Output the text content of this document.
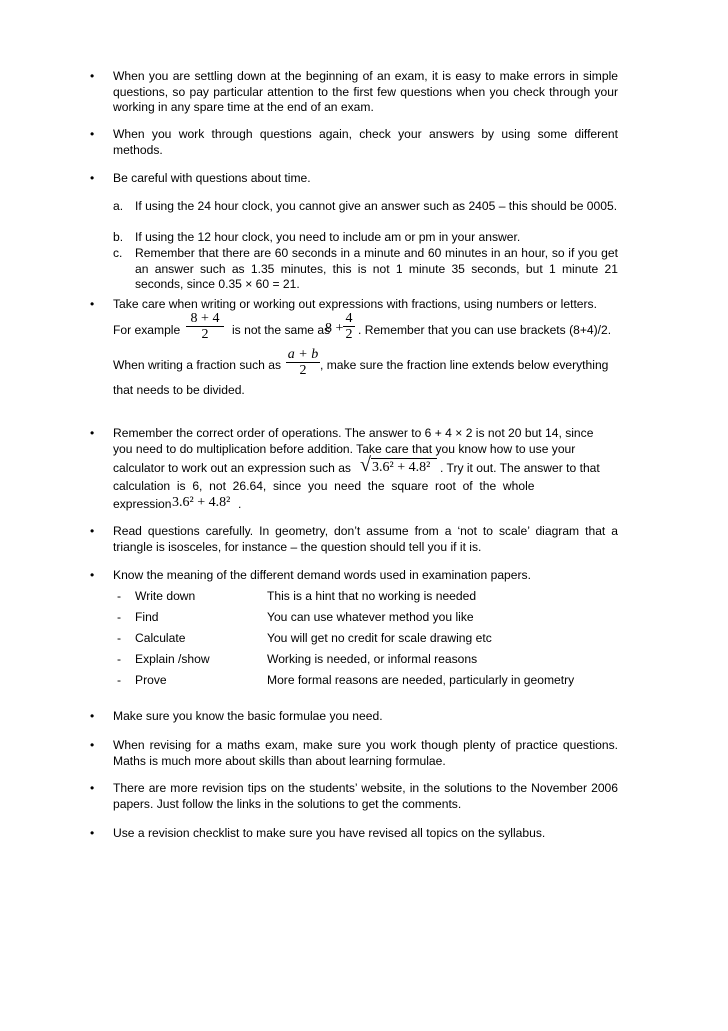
• When you are settling down at the beginning of an exam, it is easy to make errors in simple questions, so pay particular attention to the first few questions when you check through your working in any spare time at the end of an exam.
• When you work through questions again, check your answers by using some different methods.
• Be careful with questions about time.
a. If using the 24 hour clock, you cannot give an answer such as 2405 – this should be 0005.
b. If using the 12 hour clock, you need to include am or pm in your answer.
c. Remember that there are 60 seconds in a minute and 60 minutes in an hour, so if you get an answer such as 1.35 minutes, this is not 1 minute 35 seconds, but 1 minute 21 seconds, since 0.35 × 60 = 21.
• Take care when writing or working out expressions with fractions, using numbers or letters.
For example
8 + 4
2	is not the same as
8 +
4
2 . Remember that you can use brackets (8+4)/2.
When writing a fraction such as
a + b
2	, make sure the fraction line extends below everything
that needs to be divided.
• Remember the correct order of operations. The answer to 6 + 4 × 2 is not 20 but 14, since
you need to do multiplication before addition. Take care that you know how to use your
calculator to work out an expression such as √ 3.6² + 4.8² . Try it out. The answer to that
calculation  is  6,  not  26.64,  since  you  need  the  square  root  of  the  whole
expression 3.6² + 4.8² .
• Read questions carefully. In geometry, don’t assume from a ‘not to scale’ diagram that a triangle is isosceles, for instance – the question should tell you if it is.
• Know the meaning of the different demand words used in examination papers.
- Write down	This is a hint that no working is needed
- Find	You can use whatever method you like
- Calculate	You will get no credit for scale drawing etc
- Explain /show	Working is needed, or informal reasons
- Prove	More formal reasons are needed, particularly in geometry
• Make sure you know the basic formulae you need.
• When revising for a maths exam, make sure you work though plenty of practice questions. Maths is much more about skills than about learning formulae.
• There are more revision tips on the students’ website, in the solutions to the November 2006 papers. Just follow the links in the solutions to get the comments.
• Use a revision checklist to make sure you have revised all topics on the syllabus.
